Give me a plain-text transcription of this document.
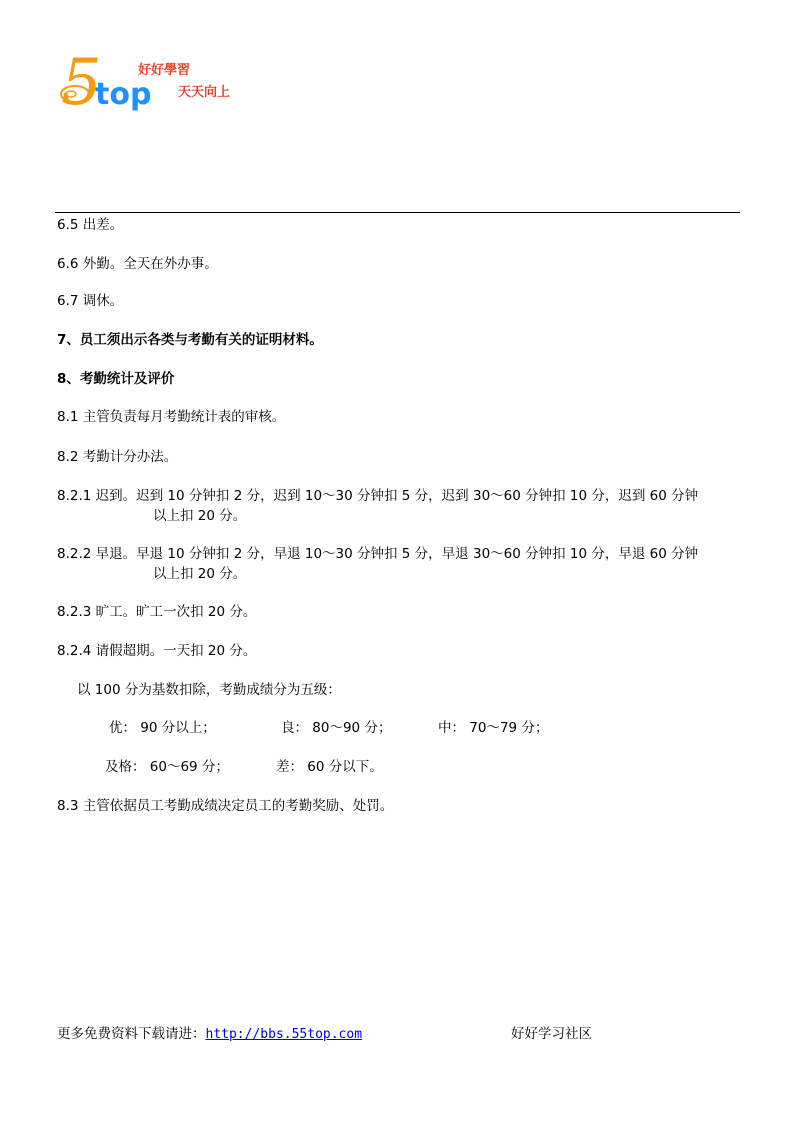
5
top
好好學習
天天向上
6.5 出差。
6.6 外勤。全天在外办事。
6.7 调休。
7、员工须出示各类与考勤有关的证明材料。
8、考勤统计及评价
8.1 主管负责每月考勤统计表的审核。
8.2 考勤计分办法。
8.2.1 迟到。迟到 10 分钟扣 2 分，迟到 10～30 分钟扣 5 分，迟到 30～60 分钟扣 10 分，迟到 60 分钟
以上扣 20 分。
8.2.2 早退。早退 10 分钟扣 2 分，早退 10～30 分钟扣 5 分，早退 30～60 分钟扣 10 分，早退 60 分钟
以上扣 20 分。
8.2.3 旷工。旷工一次扣 20 分。
8.2.4 请假超期。一天扣 20 分。
以 100 分为基数扣除，考勤成绩分为五级：
优： 90 分以上；	良： 80～90 分；	中： 70～79 分；
及格： 60～69 分；	差： 60 分以下。
8.3 主管依据员工考勤成绩决定员工的考勤奖励、处罚。
更多免费资料下载请进：http://bbs.55top.com	好好学习社区
